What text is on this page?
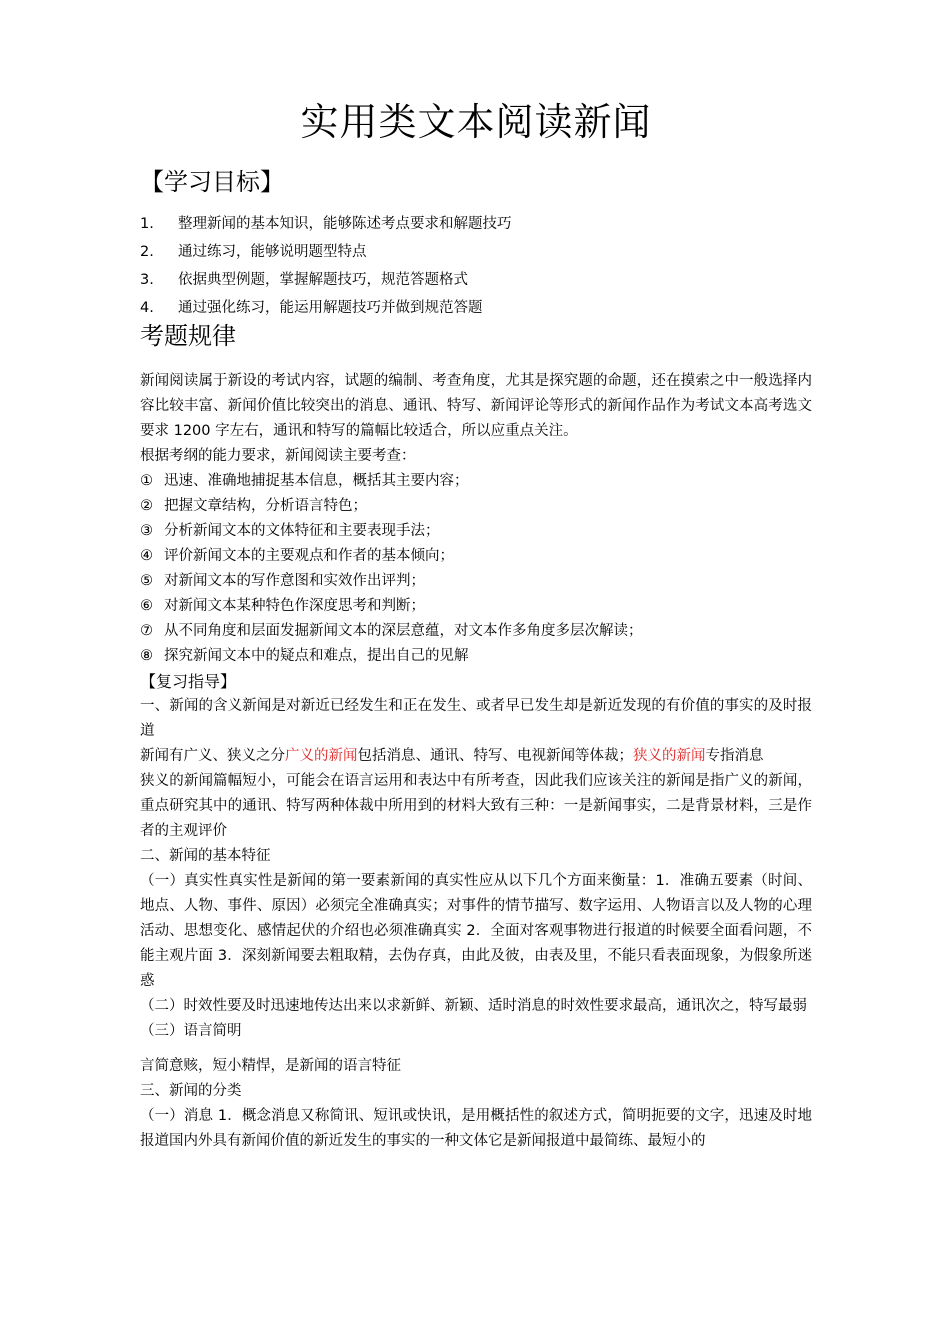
实用类文本阅读新闻
【学习目标】
1. 整理新闻的基本知识，能够陈述考点要求和解题技巧
2. 通过练习，能够说明题型特点
3. 依据典型例题，掌握解题技巧，规范答题格式
4. 通过强化练习，能运用解题技巧并做到规范答题
考题规律

新闻阅读属于新设的考试内容，试题的编制、考查角度，尤其是探究题的命题，还在摸索之中一般选择内容比较丰富、新闻价值比较突出的消息、通讯、特写、新闻评论等形式的新闻作品作为考试文本高考选文要求 1200 字左右，通讯和特写的篇幅比较适合，所以应重点关注。

根据考纲的能力要求，新闻阅读主要考查：

① 迅速、准确地捕捉基本信息，概括其主要内容；

② 把握文章结构，分析语言特色；

③ 分析新闻文本的文体特征和主要表现手法；

④ 评价新闻文本的主要观点和作者的基本倾向；

⑤ 对新闻文本的写作意图和实效作出评判；

⑥ 对新闻文本某种特色作深度思考和判断；

⑦ 从不同角度和层面发掘新闻文本的深层意蕴，对文本作多角度多层次解读；

⑧ 探究新闻文本中的疑点和难点，提出自己的见解

【复习指导】

一、新闻的含义新闻是对新近已经发生和正在发生、或者早已发生却是新近发现的有价值的事实的及时报道

新闻有广义、狭义之分广义的新闻包括消息、通讯、特写、电视新闻等体裁；狭义的新闻专指消息

狭义的新闻篇幅短小，可能会在语言运用和表达中有所考查，因此我们应该关注的新闻是指广义的新闻，重点研究其中的通讯、特写两种体裁中所用到的材料大致有三种：一是新闻事实，二是背景材料，三是作者的主观评价

二、新闻的基本特征

（一）真实性真实性是新闻的第一要素新闻的真实性应从以下几个方面来衡量：1．准确五要素（时间、地点、人物、事件、原因）必须完全准确真实；对事件的情节描写、数字运用、人物语言以及人物的心理活动、思想变化、感情起伏的介绍也必须准确真实 2．全面对客观事物进行报道的时候要全面看问题，不能主观片面 3．深刻新闻要去粗取精，去伪存真，由此及彼，由表及里，不能只看表面现象，为假象所迷惑

（二）时效性要及时迅速地传达出来以求新鲜、新颖、适时消息的时效性要求最高，通讯次之，特写最弱

（三）语言简明

言简意赅，短小精悍，是新闻的语言特征

三、新闻的分类

（一）消息 1．概念消息又称简讯、短讯或快讯，是用概括性的叙述方式，简明扼要的文字，迅速及时地报道国内外具有新闻价值的新近发生的事实的一种文体它是新闻报道中最简练、最短小的
